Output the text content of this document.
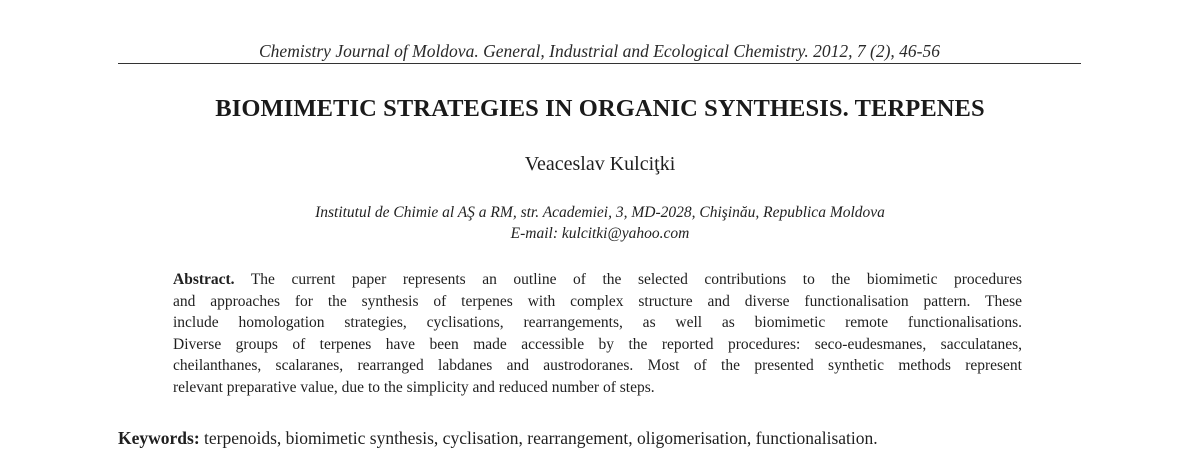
Chemistry Journal of Moldova. General, Industrial and Ecological Chemistry. 2012, 7 (2), 46-56
BIOMIMETIC STRATEGIES IN ORGANIC SYNTHESIS. TERPENES
Veaceslav Kulciţki
Institutul de Chimie al AŞ a RM, str. Academiei, 3, MD-2028, Chişinău, Republica Moldova
E-mail: kulcitki@yahoo.com
Abstract. The current paper represents an outline of the selected contributions to the biomimetic procedures
and approaches for the synthesis of terpenes with complex structure and diverse functionalisation pattern. These
include homologation strategies, cyclisations, rearrangements, as well as biomimetic remote functionalisations.
Diverse groups of terpenes have been made accessible by the reported procedures: seco-eudesmanes, sacculatanes,
cheilanthanes, scalaranes, rearranged labdanes and austrodoranes. Most of the presented synthetic methods represent
relevant preparative value, due to the simplicity and reduced number of steps.
Keywords: terpenoids, biomimetic synthesis, cyclisation, rearrangement, oligomerisation, functionalisation.
